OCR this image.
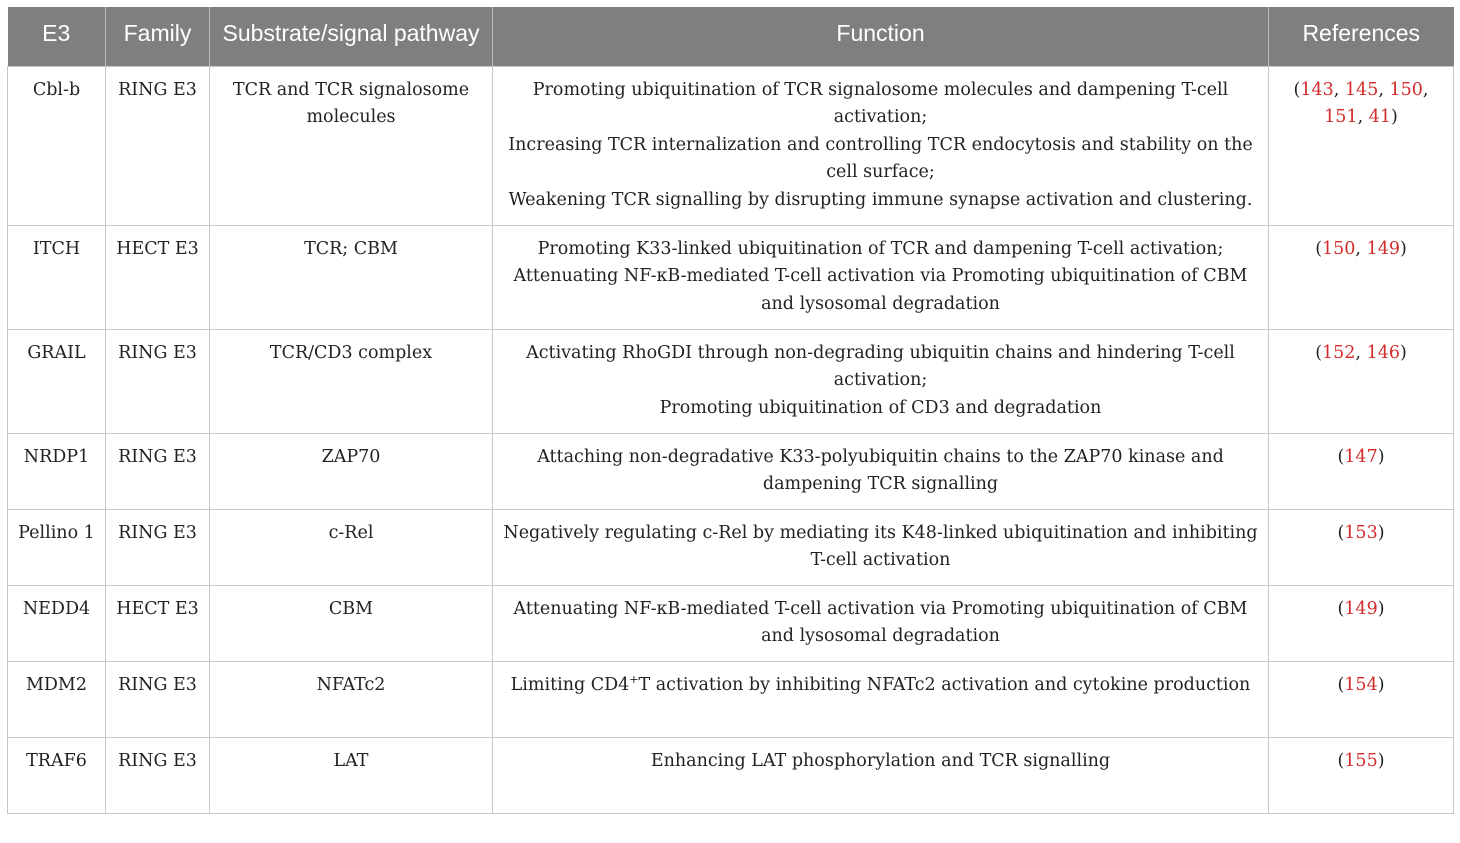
E3	Family	Substrate/signal pathway	Function	References
Cbl-b	RING E3	TCR and TCR signalosome molecules	Promoting ubiquitination of TCR signalosome molecules and dampening T-cell activation;
Increasing TCR internalization and controlling TCR endocytosis and stability on the cell surface;
Weakening TCR signalling by disrupting immune synapse activation and clustering.	(143, 145, 150, 151, 41)
ITCH	HECT E3	TCR; CBM	Promoting K33-linked ubiquitination of TCR and dampening T-cell activation;
Attenuating NF-κB-mediated T-cell activation via Promoting ubiquitination of CBM and lysosomal degradation	(150, 149)
GRAIL	RING E3	TCR/CD3 complex	Activating RhoGDI through non-degrading ubiquitin chains and hindering T-cell activation;
Promoting ubiquitination of CD3 and degradation	(152, 146)
NRDP1	RING E3	ZAP70	Attaching non-degradative K33-polyubiquitin chains to the ZAP70 kinase and dampening TCR signalling	(147)
Pellino 1	RING E3	c-Rel	Negatively regulating c-Rel by mediating its K48-linked ubiquitination and inhibiting T-cell activation	(153)
NEDD4	HECT E3	CBM	Attenuating NF-κB-mediated T-cell activation via Promoting ubiquitination of CBM and lysosomal degradation	(149)
MDM2	RING E3	NFATc2	Limiting CD4+T activation by inhibiting NFATc2 activation and cytokine production	(154)
TRAF6	RING E3	LAT	Enhancing LAT phosphorylation and TCR signalling	(155)
